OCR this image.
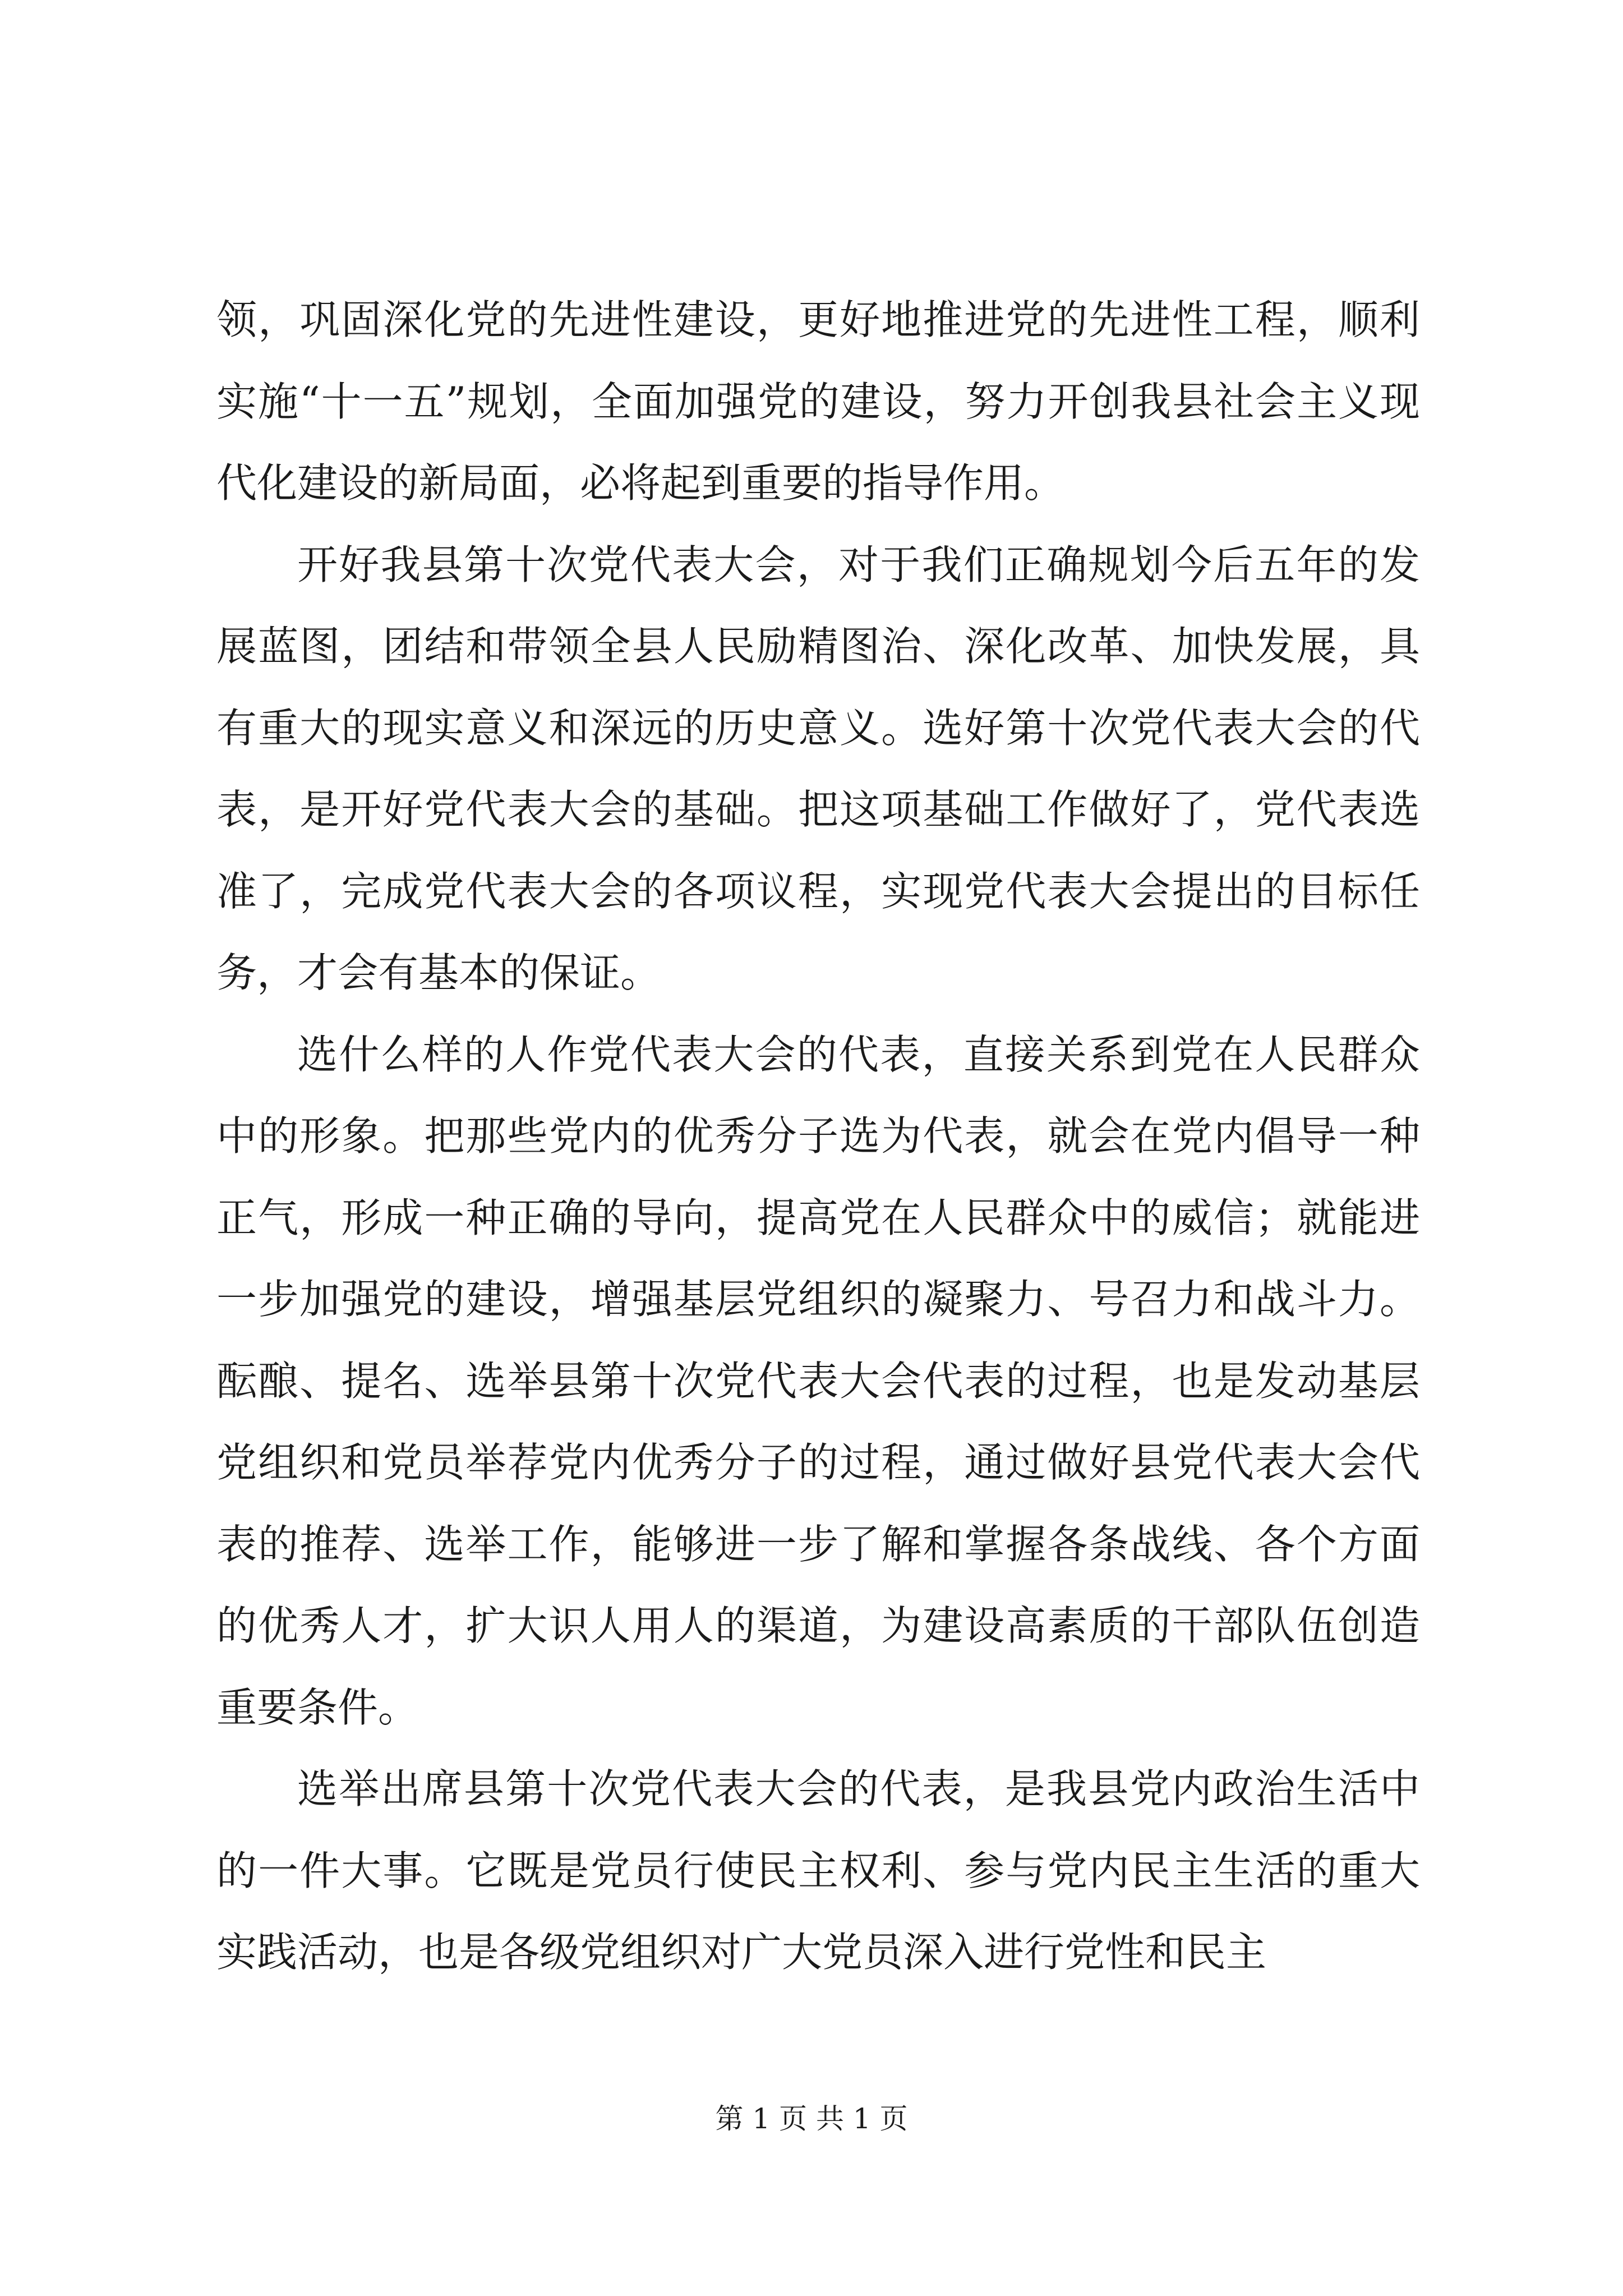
领，巩固深化党的先进性建设，更好地推进党的先进性工程，顺利实施“十一五”规划，全面加强党的建设，努力开创我县社会主义现代化建设的新局面，必将起到重要的指导作用。

开好我县第十次党代表大会，对于我们正确规划今后五年的发展蓝图，团结和带领全县人民励精图治、深化改革、加快发展，具有重大的现实意义和深远的历史意义。选好第十次党代表大会的代表，是开好党代表大会的基础。把这项基础工作做好了，党代表选准了，完成党代表大会的各项议程，实现党代表大会提出的目标任务，才会有基本的保证。

选什么样的人作党代表大会的代表，直接关系到党在人民群众中的形象。把那些党内的优秀分子选为代表，就会在党内倡导一种正气，形成一种正确的导向，提高党在人民群众中的威信；就能进一步加强党的建设，增强基层党组织的凝聚力、号召力和战斗力。酝酿、提名、选举县第十次党代表大会代表的过程，也是发动基层党组织和党员举荐党内优秀分子的过程，通过做好县党代表大会代表的推荐、选举工作，能够进一步了解和掌握各条战线、各个方面的优秀人才，扩大识人用人的渠道，为建设高素质的干部队伍创造重要条件。

选举出席县第十次党代表大会的代表，是我县党内政治生活中的一件大事。它既是党员行使民主权利、参与党内民主生活的重大实践活动，也是各级党组织对广大党员深入进行党性和民主

第 1 页 共 1 页
